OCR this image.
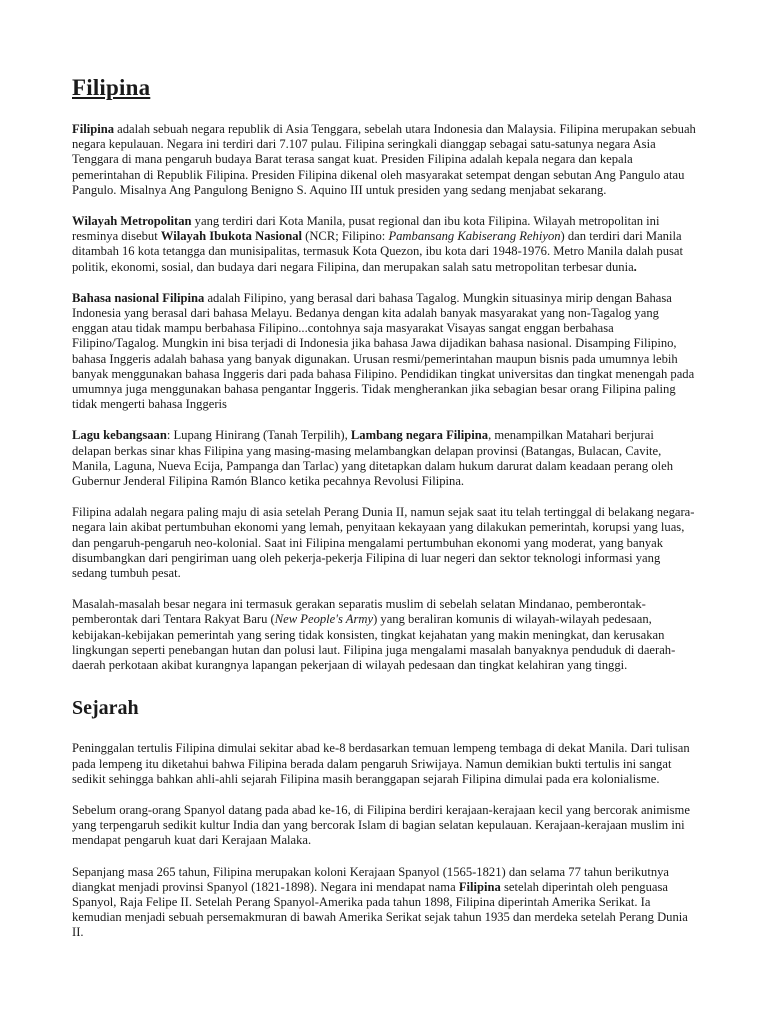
Filipina

Filipina adalah sebuah negara republik di Asia Tenggara, sebelah utara Indonesia dan Malaysia. Filipina merupakan sebuah negara kepulauan. Negara ini terdiri dari 7.107 pulau. Filipina seringkali dianggap sebagai satu-satunya negara Asia Tenggara di mana pengaruh budaya Barat terasa sangat kuat. Presiden Filipina adalah kepala negara dan kepala pemerintahan di Republik Filipina. Presiden Filipina dikenal oleh masyarakat setempat dengan sebutan Ang Pangulo atau Pangulo. Misalnya Ang Pangulong Benigno S. Aquino III untuk presiden yang sedang menjabat sekarang.

Wilayah Metropolitan yang terdiri dari Kota Manila, pusat regional dan ibu kota Filipina. Wilayah metropolitan ini resminya disebut Wilayah Ibukota Nasional (NCR; Filipino: Pambansang Kabiserang Rehiyon) dan terdiri dari Manila ditambah 16 kota tetangga dan munisipalitas, termasuk Kota Quezon, ibu kota dari 1948-1976. Metro Manila dalah pusat politik, ekonomi, sosial, dan budaya dari negara Filipina, dan merupakan salah satu metropolitan terbesar dunia.

Bahasa nasional Filipina adalah Filipino, yang berasal dari bahasa Tagalog. Mungkin situasinya mirip dengan Bahasa Indonesia yang berasal dari bahasa Melayu. Bedanya dengan kita adalah banyak masyarakat yang non-Tagalog yang enggan atau tidak mampu berbahasa Filipino...contohnya saja masyarakat Visayas sangat enggan berbahasa Filipino/Tagalog. Mungkin ini bisa terjadi di Indonesia jika bahasa Jawa dijadikan bahasa nasional. Disamping Filipino, bahasa Inggeris adalah bahasa yang banyak digunakan. Urusan resmi/pemerintahan maupun bisnis pada umumnya lebih banyak menggunakan bahasa Inggeris dari pada bahasa Filipino. Pendidikan tingkat universitas dan tingkat menengah pada umumnya juga menggunakan bahasa pengantar Inggeris. Tidak mengherankan jika sebagian besar orang Filipina paling tidak mengerti bahasa Inggeris

Lagu kebangsaan: Lupang Hinirang (Tanah Terpilih), Lambang negara Filipina, menampilkan Matahari berjurai delapan berkas sinar khas Filipina yang masing-masing melambangkan delapan provinsi (Batangas, Bulacan, Cavite, Manila, Laguna, Nueva Ecija, Pampanga dan Tarlac) yang ditetapkan dalam hukum darurat dalam keadaan perang oleh Gubernur Jenderal Filipina Ramón Blanco ketika pecahnya Revolusi Filipina.

Filipina adalah negara paling maju di asia setelah Perang Dunia II, namun sejak saat itu telah tertinggal di belakang negara-negara lain akibat pertumbuhan ekonomi yang lemah, penyitaan kekayaan yang dilakukan pemerintah, korupsi yang luas, dan pengaruh-pengaruh neo-kolonial. Saat ini Filipina mengalami pertumbuhan ekonomi yang moderat, yang banyak disumbangkan dari pengiriman uang oleh pekerja-pekerja Filipina di luar negeri dan sektor teknologi informasi yang sedang tumbuh pesat.

Masalah-masalah besar negara ini termasuk gerakan separatis muslim di sebelah selatan Mindanao, pemberontak-pemberontak dari Tentara Rakyat Baru (New People's Army) yang beraliran komunis di wilayah-wilayah pedesaan, kebijakan-kebijakan pemerintah yang sering tidak konsisten, tingkat kejahatan yang makin meningkat, dan kerusakan lingkungan seperti penebangan hutan dan polusi laut. Filipina juga mengalami masalah banyaknya penduduk di daerah-daerah perkotaan akibat kurangnya lapangan pekerjaan di wilayah pedesaan dan tingkat kelahiran yang tinggi.

Sejarah

Peninggalan tertulis Filipina dimulai sekitar abad ke-8 berdasarkan temuan lempeng tembaga di dekat Manila. Dari tulisan pada lempeng itu diketahui bahwa Filipina berada dalam pengaruh Sriwijaya. Namun demikian bukti tertulis ini sangat sedikit sehingga bahkan ahli-ahli sejarah Filipina masih beranggapan sejarah Filipina dimulai pada era kolonialisme.

Sebelum orang-orang Spanyol datang pada abad ke-16, di Filipina berdiri kerajaan-kerajaan kecil yang bercorak animisme yang terpengaruh sedikit kultur India dan yang bercorak Islam di bagian selatan kepulauan. Kerajaan-kerajaan muslim ini mendapat pengaruh kuat dari Kerajaan Malaka.

Sepanjang masa 265 tahun, Filipina merupakan koloni Kerajaan Spanyol (1565-1821) dan selama 77 tahun berikutnya diangkat menjadi provinsi Spanyol (1821-1898). Negara ini mendapat nama Filipina setelah diperintah oleh penguasa Spanyol, Raja Felipe II. Setelah Perang Spanyol-Amerika pada tahun 1898, Filipina diperintah Amerika Serikat. Ia kemudian menjadi sebuah persemakmuran di bawah Amerika Serikat sejak tahun 1935 dan merdeka setelah Perang Dunia II.
